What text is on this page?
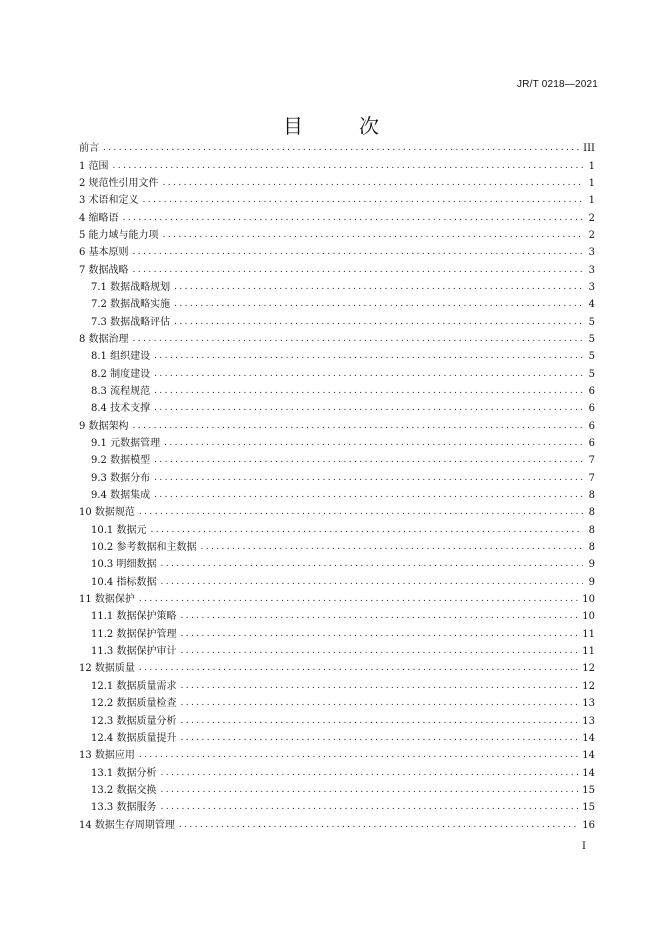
JR/T 0218—2021
目　次
前言 .....	III
1 范围 .....	1
2 规范性引用文件 .....	1
3 术语和定义 .....	1
4 缩略语 .....	2
5 能力域与能力项 .....	2
6 基本原则 .....	3
7 数据战略 .....	3
7.1 数据战略规划 .....	3
7.2 数据战略实施 .....	4
7.3 数据战略评估 .....	5
8 数据治理 .....	5
8.1 组织建设 .....	5
8.2 制度建设 .....	5
8.3 流程规范 .....	6
8.4 技术支撑 .....	6
9 数据架构 .....	6
9.1 元数据管理 .....	6
9.2 数据模型 .....	7
9.3 数据分布 .....	7
9.4 数据集成 .....	8
10 数据规范 .....	8
10.1 数据元 .....	8
10.2 参考数据和主数据 .....	8
10.3 明细数据 .....	9
10.4 指标数据 .....	9
11 数据保护 .....	10
11.1 数据保护策略 .....	10
11.2 数据保护管理 .....	11
11.3 数据保护审计 .....	11
12 数据质量 .....	12
12.1 数据质量需求 .....	12
12.2 数据质量检查 .....	13
12.3 数据质量分析 .....	13
12.4 数据质量提升 .....	14
13 数据应用 .....	14
13.1 数据分析 .....	14
13.2 数据交换 .....	15
13.3 数据服务 .....	15
14 数据生存周期管理 .....	16
I
